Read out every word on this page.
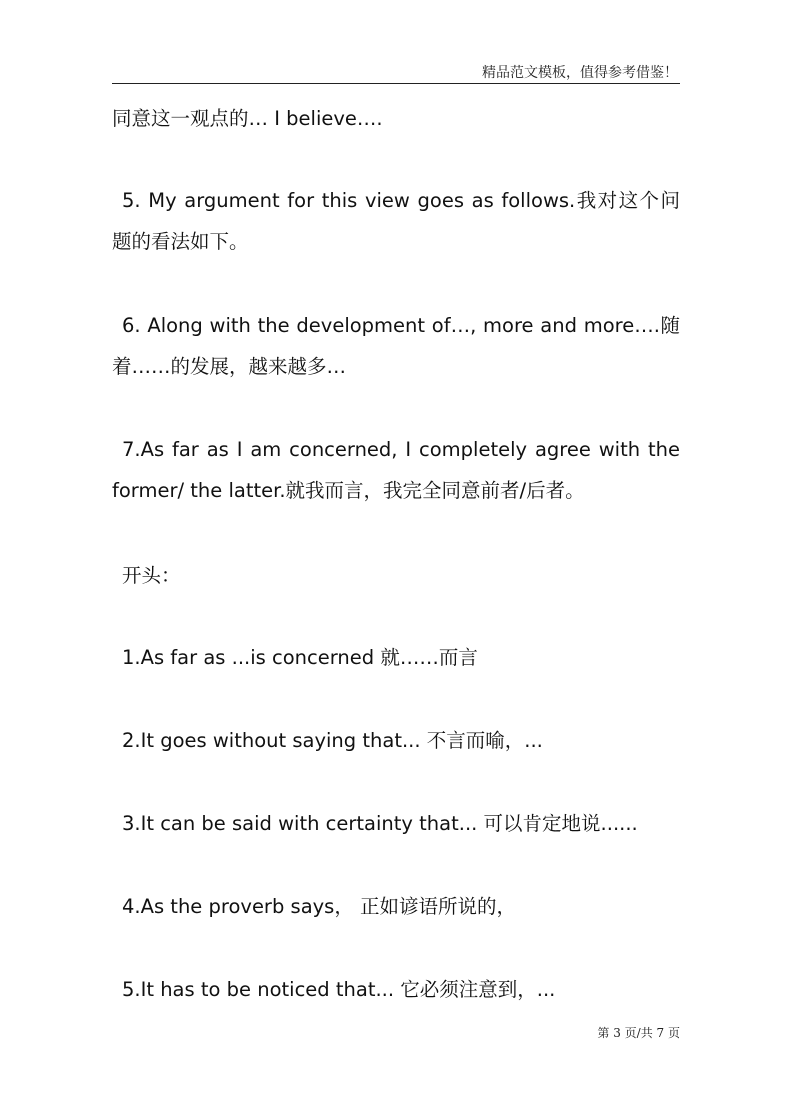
精品范文模板，值得参考借鉴！

同意这一观点的… I believe….

5. My argument for this view goes as follows.我对这个问题的看法如下。

6. Along with the development of…, more and more….随着……的发展，越来越多…

7.As far as I am concerned, I completely agree with the former/ the latter.就我而言，我完全同意前者/后者。

开头：

1.As far as ...is concerned 就……而言

2.It goes without saying that... 不言而喻，...

3.It can be said with certainty that... 可以肯定地说......

4.As the proverb says， 正如谚语所说的，

5.It has to be noticed that... 它必须注意到，...

第 3 页/共 7 页
